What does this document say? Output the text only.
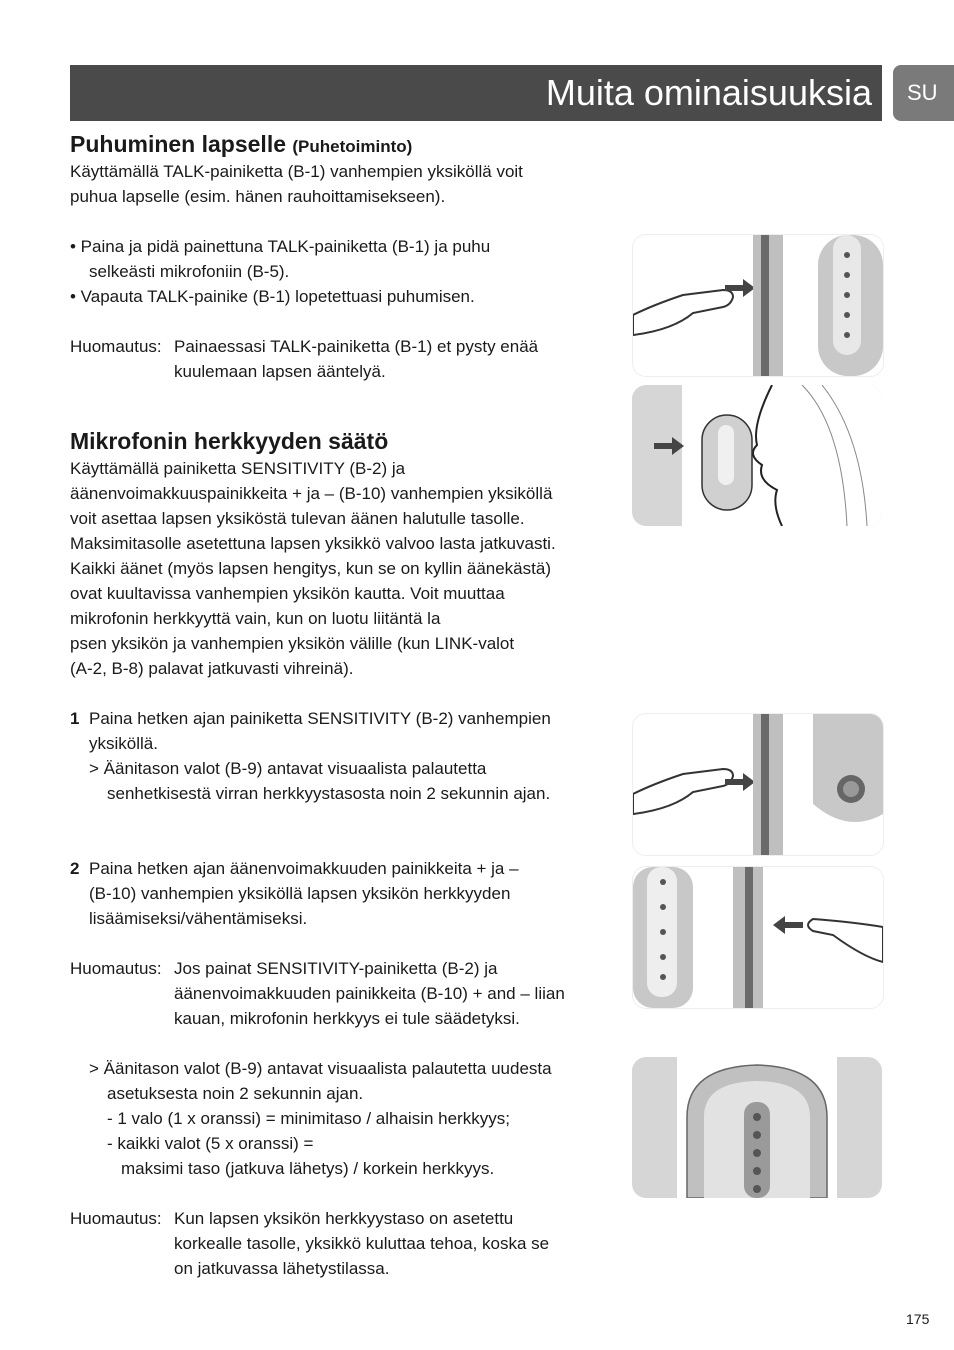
Muita ominaisuuksia	SU
Puhuminen lapselle (Puhetoiminto)
Käyttämällä TALK-painiketta (B-1) vanhempien yksiköllä voit
puhua lapselle (esim. hänen rauhoittamisekseen).
• Paina ja pidä painettuna TALK-painiketta (B-1) ja puhu
selkeästi mikrofoniin (B-5).
• Vapauta TALK-painike (B-1) lopetettuasi puhumisen.
Huomautus: Painaessasi TALK-painiketta (B-1) et pysty enää
kuulemaan lapsen ääntelyä.
Mikrofonin herkkyyden säätö
Käyttämällä painiketta SENSITIVITY (B-2) ja
äänenvoimakkuuspainikkeita + ja – (B-10) vanhempien yksiköllä
voit asettaa lapsen yksiköstä tulevan äänen halutulle tasolle.
Maksimitasolle asetettuna lapsen yksikkö valvoo lasta jatkuvasti.
Kaikki äänet (myös lapsen hengitys, kun se on kyllin äänekästä)
ovat kuultavissa vanhempien yksikön kautta. Voit muuttaa
mikrofonin herkkyyttä vain, kun on luotu liitäntä la
psen yksikön ja vanhempien yksikön välille (kun LINK-valot
(A-2, B-8) palavat jatkuvasti vihreinä).
1 Paina hetken ajan painiketta SENSITIVITY (B-2) vanhempien
yksiköllä.
> Äänitason valot (B-9) antavat visuaalista palautetta
senhetkisestä virran herkkyystasosta noin 2 sekunnin ajan.
2 Paina hetken ajan äänenvoimakkuuden painikkeita + ja –
(B-10) vanhempien yksiköllä lapsen yksikön herkkyyden
lisäämiseksi/vähentämiseksi.
Huomautus: Jos painat SENSITIVITY-painiketta (B-2) ja
äänenvoimakkuuden painikkeita (B-10) + and – liian
kauan, mikrofonin herkkyys ei tule säädetyksi.
> Äänitason valot (B-9) antavat visuaalista palautetta uudesta
asetuksesta noin 2 sekunnin ajan.
- 1 valo (1 x oranssi) = minimitaso / alhaisin herkkyys;
- kaikki valot (5 x oranssi) =
maksimi taso (jatkuva lähetys) / korkein herkkyys.
Huomautus: Kun lapsen yksikön herkkyystaso on asetettu
korkealle tasolle, yksikkö kuluttaa tehoa, koska se
on jatkuvassa lähetystilassa.
175
